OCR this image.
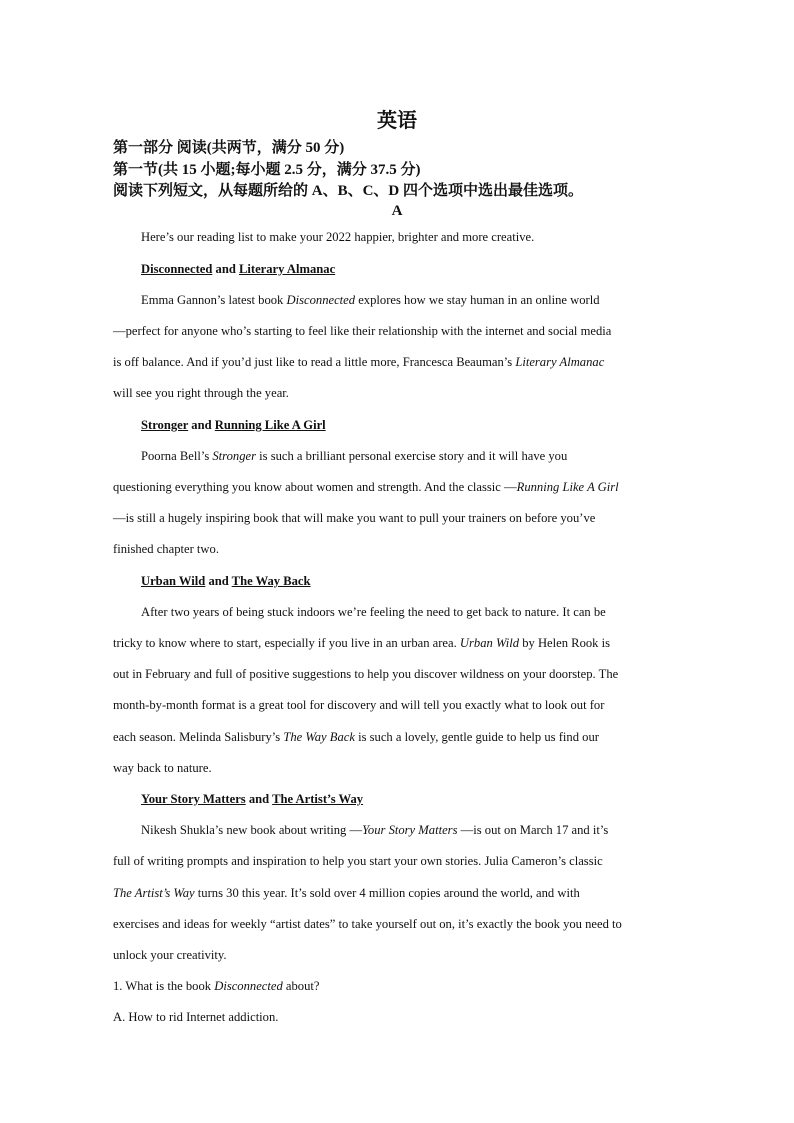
英语
第一部分 阅读(共两节，满分 50 分)
第一节(共 15 小题;每小题 2.5 分，满分 37.5 分)
阅读下列短文，从每题所给的 A、B、C、D 四个选项中选出最佳选项。
A
Here’s our reading list to make your 2022 happier, brighter and more creative.
Disconnected and Literary Almanac
Emma Gannon’s latest book Disconnected explores how we stay human in an online world
—perfect for anyone who’s starting to feel like their relationship with the internet and social media
is off balance. And if you’d just like to read a little more, Francesca Beauman’s Literary Almanac
will see you right through the year.
Stronger and Running Like A Girl
Poorna Bell’s Stronger is such a brilliant personal exercise story and it will have you
questioning everything you know about women and strength. And the classic —Running Like A Girl
—is still a hugely inspiring book that will make you want to pull your trainers on before you’ve
finished chapter two.
Urban Wild and The Way Back
After two years of being stuck indoors we’re feeling the need to get back to nature. It can be
tricky to know where to start, especially if you live in an urban area. Urban Wild by Helen Rook is
out in February and full of positive suggestions to help you discover wildness on your doorstep. The
month-by-month format is a great tool for discovery and will tell you exactly what to look out for
each season. Melinda Salisbury’s The Way Back is such a lovely, gentle guide to help us find our
way back to nature.
Your Story Matters and The Artist’s Way
Nikesh Shukla’s new book about writing —Your Story Matters —is out on March 17 and it’s
full of writing prompts and inspiration to help you start your own stories. Julia Cameron’s classic
The Artist’s Way turns 30 this year. It’s sold over 4 million copies around the world, and with
exercises and ideas for weekly “artist dates” to take yourself out on, it’s exactly the book you need to
unlock your creativity.
1. What is the book Disconnected about?
A. How to rid Internet addiction.
